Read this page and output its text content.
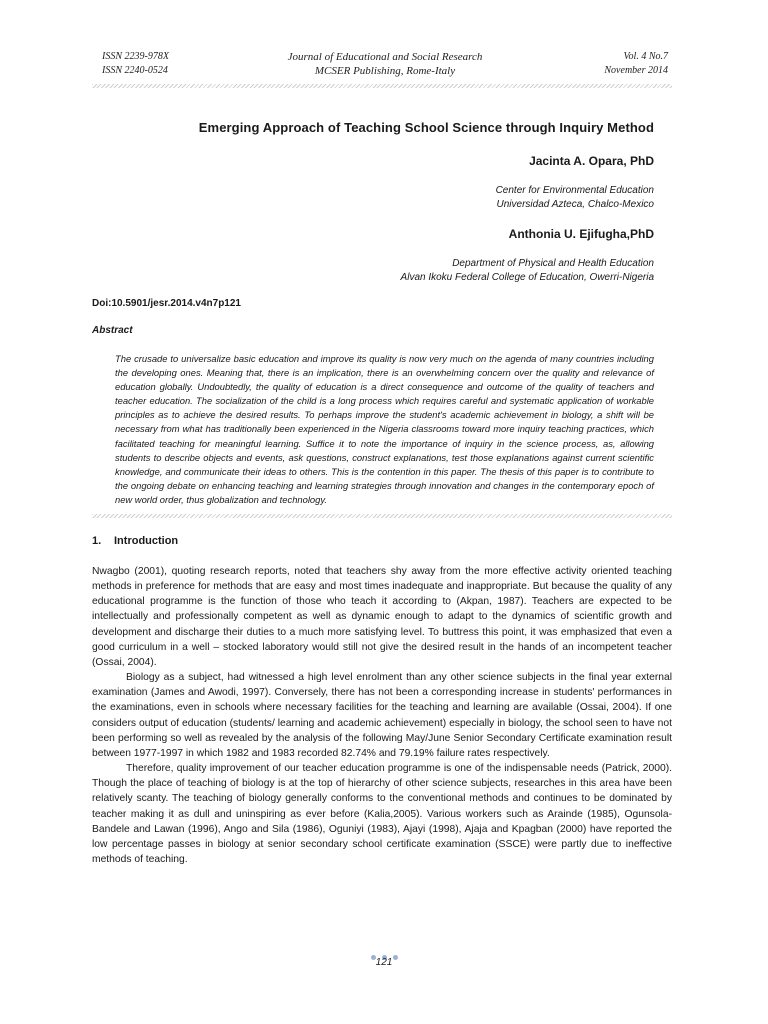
ISSN 2239-978X
ISSN 2240-0524
Journal of Educational and Social Research
MCSER Publishing, Rome-Italy
Vol. 4 No.7
November 2014
Emerging Approach of Teaching School Science through Inquiry Method
Jacinta A. Opara, PhD
Center for Environmental Education
Universidad Azteca, Chalco-Mexico
Anthonia U. Ejifugha,PhD
Department of Physical and Health Education
Alvan Ikoku Federal College of Education, Owerri-Nigeria
Doi:10.5901/jesr.2014.v4n7p121
Abstract
The crusade to universalize basic education and improve its quality is now very much on the agenda of many countries including the developing ones. Meaning that, there is an implication, there is an overwhelming concern over the quality and relevance of education globally. Undoubtedly, the quality of education is a direct consequence and outcome of the quality of teachers and teacher education. The socialization of the child is a long process which requires careful and systematic application of workable principles as to achieve the desired results. To perhaps improve the student's academic achievement in biology, a shift will be necessary from what has traditionally been experienced in the Nigeria classrooms toward more inquiry teaching practices, which facilitated teaching for meaningful learning. Suffice it to note the importance of inquiry in the science process, as, allowing students to describe objects and events, ask questions, construct explanations, test those explanations against current scientific knowledge, and communicate their ideas to others. This is the contention in this paper. The thesis of this paper is to contribute to the ongoing debate on enhancing teaching and learning strategies through innovation and changes in the contemporary epoch of new world order, thus globalization and technology.
1. Introduction

Nwagbo (2001), quoting research reports, noted that teachers shy away from the more effective activity oriented teaching methods in preference for methods that are easy and most times inadequate and inappropriate. But because the quality of any educational programme is the function of those who teach it according to (Akpan, 1987). Teachers are expected to be intellectually and professionally competent as well as dynamic enough to adapt to the dynamics of scientific growth and development and discharge their duties to a much more satisfying level. To buttress this point, it was emphasized that even a good curriculum in a well – stocked laboratory would still not give the desired result in the hands of an incompetent teacher (Ossai, 2004).

Biology as a subject, had witnessed a high level enrolment than any other science subjects in the final year external examination (James and Awodi, 1997). Conversely, there has not been a corresponding increase in students' performances in the examinations, even in schools where necessary facilities for the teaching and learning are available (Ossai, 2004). If one considers output of education (students/ learning and academic achievement) especially in biology, the school seen to have not been performing so well as revealed by the analysis of the following May/June Senior Secondary Certificate examination result between 1977-1997 in which 1982 and 1983 recorded 82.74% and 79.19% failure rates respectively.

Therefore, quality improvement of our teacher education programme is one of the indispensable needs (Patrick, 2000). Though the place of teaching of biology is at the top of hierarchy of other science subjects, researches in this area have been relatively scanty. The teaching of biology generally conforms to the conventional methods and continues to be dominated by teacher making it as dull and uninspiring as ever before (Kalia,2005). Various workers such as Arainde (1985), Ogunsola- Bandele and Lawan (1996), Ango and Sila (1986), Oguniyi (1983), Ajayi (1998), Ajaja and Kpagban (2000) have reported the low percentage passes in biology at senior secondary school certificate examination (SSCE) were partly due to ineffective methods of teaching.

121
